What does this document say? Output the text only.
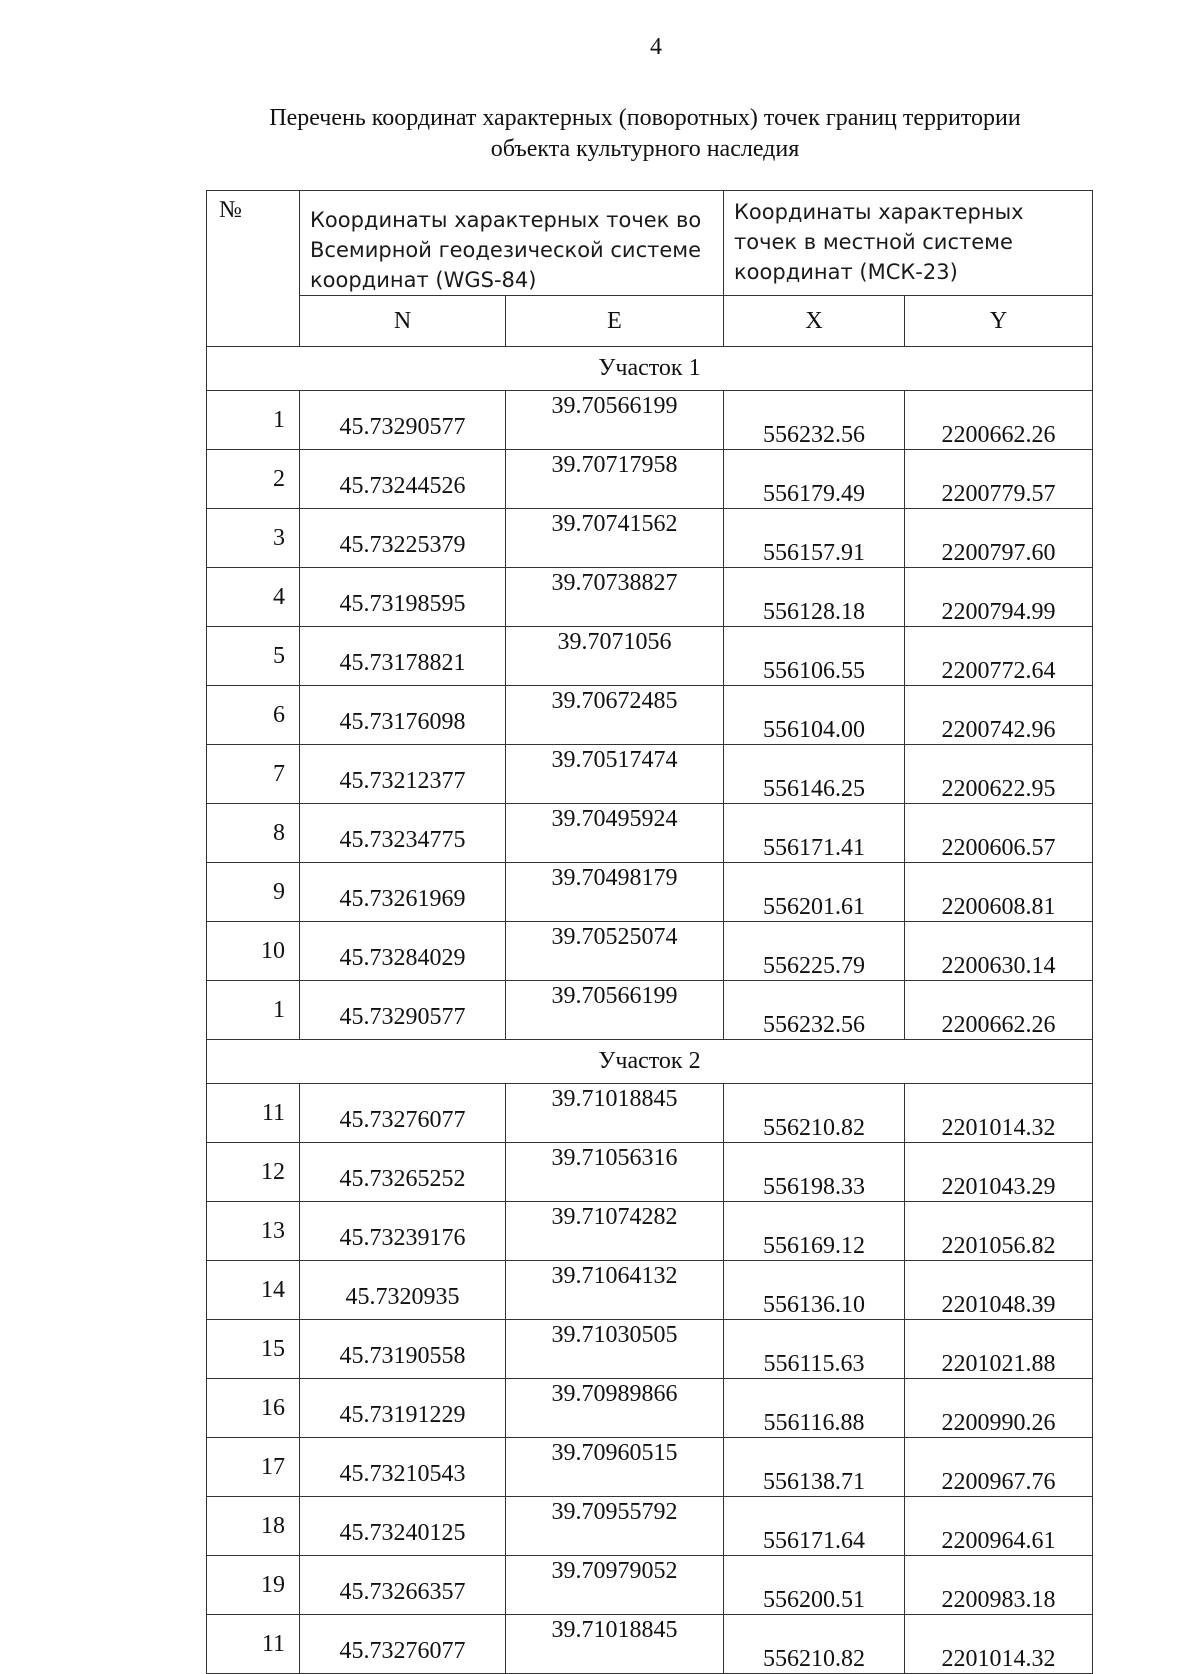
4
Перечень координат характерных (поворотных) точек границ территории
объекта культурного наследия
№	Координаты характерных точек во Всемирной геодезической системе координат (WGS-84)		Координаты характерных точек в местной системе координат (МСК-23)	
	N	E	X	Y
Участок 1				
1	45.73290577	39.70566199	556232.56	2200662.26
2	45.73244526	39.70717958	556179.49	2200779.57
3	45.73225379	39.70741562	556157.91	2200797.60
4	45.73198595	39.70738827	556128.18	2200794.99
5	45.73178821	39.7071056	556106.55	2200772.64
6	45.73176098	39.70672485	556104.00	2200742.96
7	45.73212377	39.70517474	556146.25	2200622.95
8	45.73234775	39.70495924	556171.41	2200606.57
9	45.73261969	39.70498179	556201.61	2200608.81
10	45.73284029	39.70525074	556225.79	2200630.14
1	45.73290577	39.70566199	556232.56	2200662.26
Участок 2				
11	45.73276077	39.71018845	556210.82	2201014.32
12	45.73265252	39.71056316	556198.33	2201043.29
13	45.73239176	39.71074282	556169.12	2201056.82
14	45.7320935	39.71064132	556136.10	2201048.39
15	45.73190558	39.71030505	556115.63	2201021.88
16	45.73191229	39.70989866	556116.88	2200990.26
17	45.73210543	39.70960515	556138.71	2200967.76
18	45.73240125	39.70955792	556171.64	2200964.61
19	45.73266357	39.70979052	556200.51	2200983.18
11	45.73276077	39.71018845	556210.82	2201014.32
